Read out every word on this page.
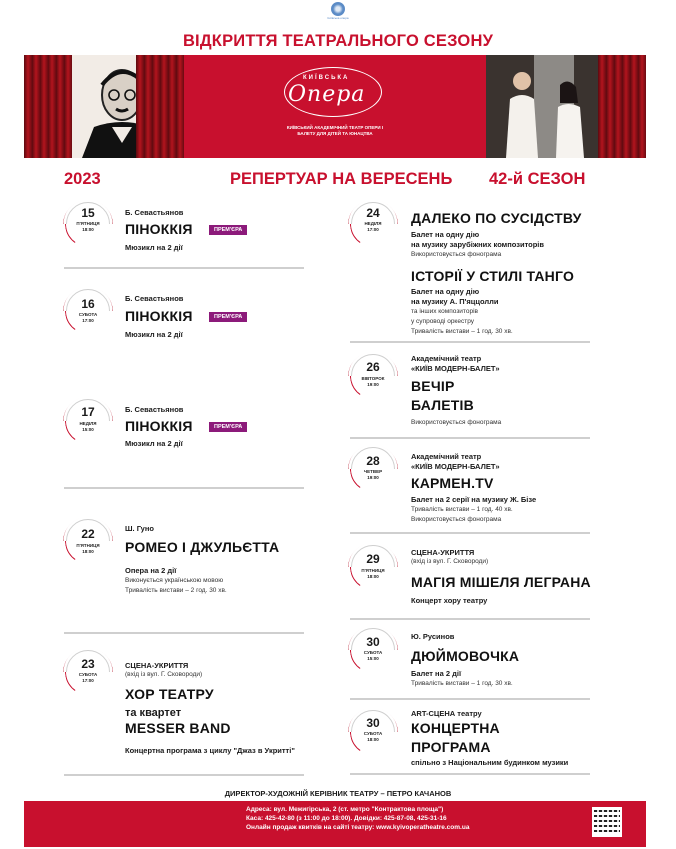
Київська опера
ВІДКРИТТЯ ТЕАТРАЛЬНОГО СЕЗОНУ
КИЇВСЬКА
Опера
КИЇВСЬКИЙ АКАДЕМІЧНИЙ ТЕАТР ОПЕРИ І БАЛЕТУ ДЛЯ ДІТЕЙ ТА ЮНАЦТВА
2023	РЕПЕРТУАР НА ВЕРЕСЕНЬ 42-й СЕЗОН
15
П'ЯТНИЦЯ
18:00
Б. Севастьянов
ПІНОККІЯ	ПРЕМ'ЄРА
Мюзикл на 2 дії
16
СУБОТА
17:00
Б. Севастьянов
ПІНОККІЯ	ПРЕМ'ЄРА
Мюзикл на 2 дії
17
НЕДІЛЯ
15:00
Б. Севастьянов
ПІНОККІЯ	ПРЕМ'ЄРА
Мюзикл на 2 дії
22
П'ЯТНИЦЯ
18:00
Ш. Гуно
РОМЕО І ДЖУЛЬЄТТА
Опера на 2 дії
Виконується українською мовою
Тривалість вистави – 2 год. 30 хв.
23
СУБОТА
17:00
СЦЕНА-УКРИТТЯ
(вхід із вул. Г. Сковороди)
ХОР ТЕАТРУ
та квартет
MESSER BAND
Концертна програма з циклу "Джаз в Укритті"
24
НЕДІЛЯ
17:00
ДАЛЕКО ПО СУСІДСТВУ
Балет на одну дію
на музику зарубіжних композиторів
Використовується фонограма
ІСТОРІЇ У СТИЛІ ТАНГО
Балет на одну дію
на музику А. П'яццолли
та інших композиторів
у супроводі оркестру
Тривалість вистави – 1 год. 30 хв.
26
ВІВТОРОК
19:00
Академічний театр
«КИЇВ МОДЕРН-БАЛЕТ»
ВЕЧІР
БАЛЕТІВ
Використовується фонограма
28
ЧЕТВЕР
19:00
Академічний театр
«КИЇВ МОДЕРН-БАЛЕТ»
КАРМЕН.TV
Балет на 2 серії на музику Ж. Бізе
Тривалість вистави – 1 год. 40 хв.
Використовується фонограма
29
П'ЯТНИЦЯ
18:00
СЦЕНА-УКРИТТЯ
(вхід із вул. Г. Сковороди)
МАГІЯ МІШЕЛЯ ЛЕГРАНА
Концерт хору театру
30
СУБОТА
15:00
Ю. Русинов
ДЮЙМОВОЧКА
Балет на 2 дії
Тривалість вистави – 1 год. 30 хв.
30
СУБОТА
18:00
ART-СЦЕНА театру
КОНЦЕРТНА
ПРОГРАМА
спільно з Національним будинком музики
ДИРЕКТОР-ХУДОЖНІЙ КЕРІВНИК ТЕАТРУ – ПЕТРО КАЧАНОВ
Адреса: вул. Межигірська, 2 (ст. метро "Контрактова площа")
Каса: 425-42-80 (з 11:00 до 18:00). Довідки: 425-87-08, 425-31-16
Онлайн продаж квитків на сайті театру: www.kyivoperatheatre.com.ua
